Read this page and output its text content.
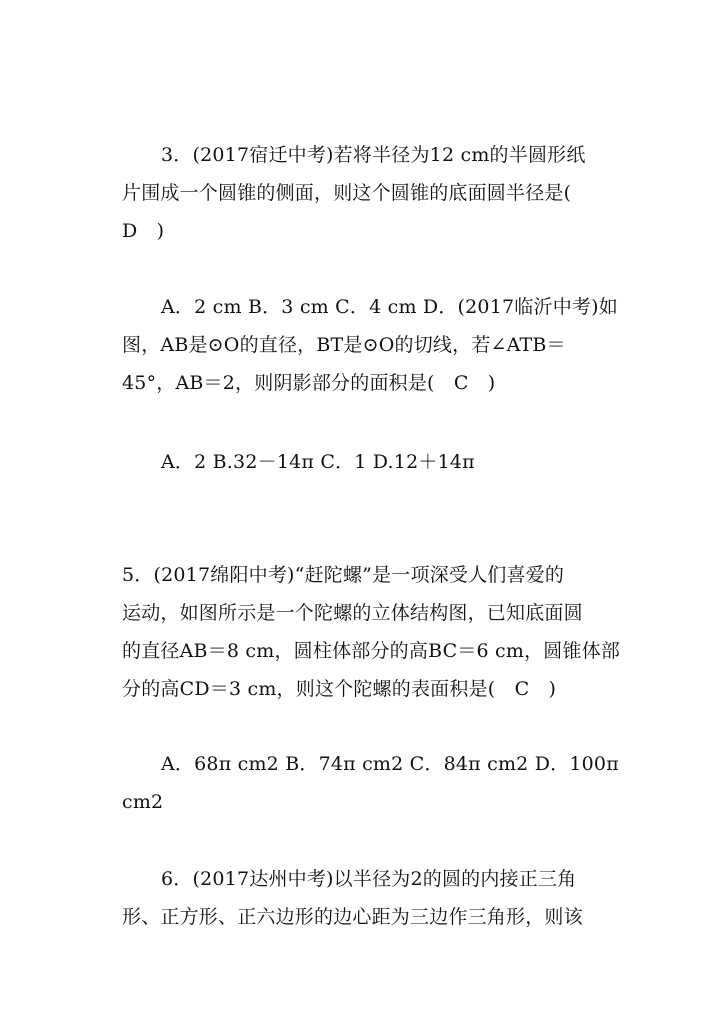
3．(2017宿迁中考)若将半径为12 cm的半圆形纸
片围成一个圆锥的侧面，则这个圆锥的底面圆半径是(
D　)
A．2 cm B．3 cm C．4 cm D．(2017临沂中考)如
图，AB是⊙O的直径，BT是⊙O的切线，若∠ATB＝
45°，AB＝2，则阴影部分的面积是(　C　)
A．2 B.32－14π C．1 D.12＋14π
5．(2017绵阳中考)“赶陀螺”是一项深受人们喜爱的
运动，如图所示是一个陀螺的立体结构图，已知底面圆
的直径AB＝8 cm，圆柱体部分的高BC＝6 cm，圆锥体部
分的高CD＝3 cm，则这个陀螺的表面积是(　C　)
A．68π cm2 B．74π cm2 C．84π cm2 D．100π
cm2
6．(2017达州中考)以半径为2的圆的内接正三角
形、正方形、正六边形的边心距为三边作三角形，则该
